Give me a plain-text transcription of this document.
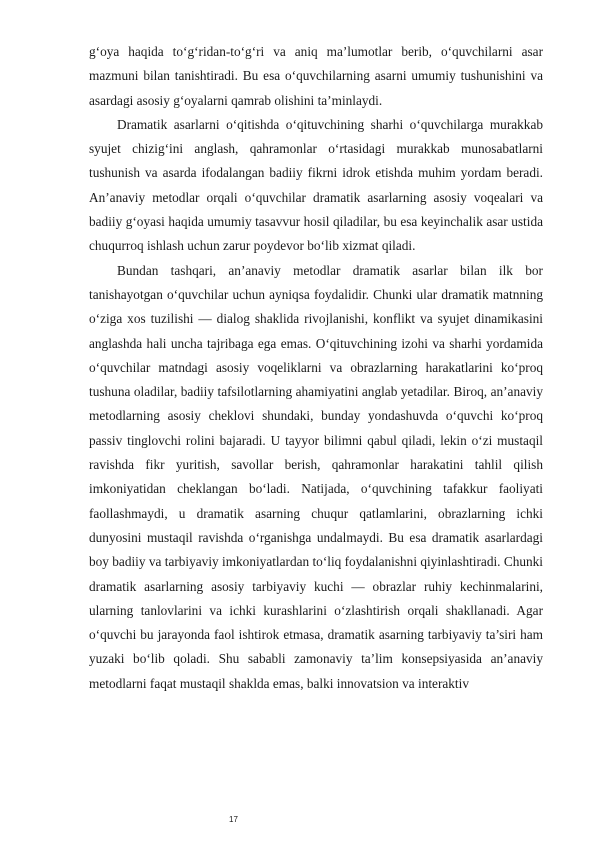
g‘oya haqida to‘g‘ridan-to‘g‘ri va aniq ma’lumotlar berib, o‘quvchilarni asar mazmuni bilan tanishtiradi. Bu esa o‘quvchilarning asarni umumiy tushunishini va asardagi asosiy g‘oyalarni qamrab olishini ta’minlaydi.

Dramatik asarlarni o‘qitishda o‘qituvchining sharhi o‘quvchilarga murakkab syujet chizig‘ini anglash, qahramonlar o‘rtasidagi murakkab munosabatlarni tushunish va asarda ifodalangan badiiy fikrni idrok etishda muhim yordam beradi. An’anaviy metodlar orqali o‘quvchilar dramatik asarlarning asosiy voqealari va badiiy g‘oyasi haqida umumiy tasavvur hosil qiladilar, bu esa keyinchalik asar ustida chuqurroq ishlash uchun zarur poydevor bo‘lib xizmat qiladi.

Bundan tashqari, an’anaviy metodlar dramatik asarlar bilan ilk bor tanishayotgan o‘quvchilar uchun ayniqsa foydalidir. Chunki ular dramatik matnning o‘ziga xos tuzilishi — dialog shaklida rivojlanishi, konflikt va syujet dinamikasini anglashda hali uncha tajribaga ega emas. O‘qituvchining izohi va sharhi yordamida o‘quvchilar matndagi asosiy voqeliklarni va obrazlarning harakatlarini ko‘proq tushuna oladilar, badiiy tafsilotlarning ahamiyatini anglab yetadilar. Biroq, an’anaviy metodlarning asosiy cheklovi shundaki, bunday yondashuvda o‘quvchi ko‘proq passiv tinglovchi rolini bajaradi. U tayyor bilimni qabul qiladi, lekin o‘zi mustaqil ravishda fikr yuritish, savollar berish, qahramonlar harakatini tahlil qilish imkoniyatidan cheklangan bo‘ladi. Natijada, o‘quvchining tafakkur faoliyati faollashmaydi, u dramatik asarning chuqur qatlamlarini, obrazlarning ichki dunyosini mustaqil ravishda o‘rganishga undalmaydi. Bu esa dramatik asarlardagi boy badiiy va tarbiyaviy imkoniyatlardan to‘liq foydalanishni qiyinlashtiradi. Chunki dramatik asarlarning asosiy tarbiyaviy kuchi — obrazlar ruhiy kechinmalarini, ularning tanlovlarini va ichki kurashlarini o‘zlashtirish orqali shakllanadi. Agar o‘quvchi bu jarayonda faol ishtirok etmasa, dramatik asarning tarbiyaviy ta’siri ham yuzaki bo‘lib qoladi. Shu sababli zamonaviy ta’lim konsepsiyasida an’anaviy metodlarni faqat mustaqil shaklda emas, balki innovatsion va interaktiv

17
